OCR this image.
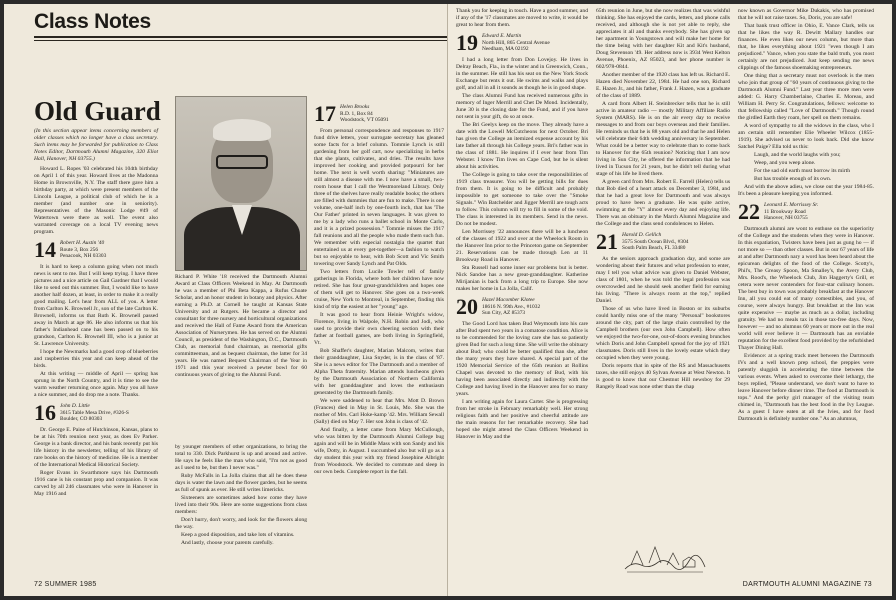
Class Notes
Old Guard
(In this section appear items concerning members of older classes which no longer have a class secretary. Such items may be forwarded for publication to Class Notes Editor, Dartmouth Alumni Magazine, 320 Eliot Hall, Hanover, NH 03755.)

Howard L. Ropes '03 celebrated his 104th birthday on April 1 of this year. Howard lives at the Madonna Home in Brownville, N.Y. The staff there gave him a birthday party, at which were present members of the Lincoln League, a political club of which he is a member (and number one in seniority). Representatives of the Masonic Lodge #49 of Watertown were there as well. The event also warranted coverage on a local TV evening news program.

14 Robert H. Austin '40
Route 3, Box 256
Penacook, NH 03303

It is hard to keep a column going when not much news is sent to me. But I will keep trying. I have three pictures and a nice article on Gail Gardner that I would like to send out this summer. But, I would like to have another half dozen, at least, in order to make it a really good mailing. Let's hear from ALL of you. A letter from Carlton K. Brownell Jr., son of the late Carlton K. Brownell, informs us that Ruth K. Brownell passed away in March at age 86. He also informs us that his father's Indianhead cane has been passed on to his grandson, Carlton K. Brownell III, who is a junior at St. Lawrence University.

I hope the Newmarks had a good crop of blueberries and raspberries this year and can keep ahead of the birds.

At this writing — middle of April — spring has sprung in the North Country, and it is time to see the warm weather returning once again. May you all have a nice summer, and do drop me a note. Thanks.

16 John D. Little
3615 Table Mesa Drive, #326-S
Boulder, CO 80303

Dr. George E. Paine of Hutchinson, Kansas, plans to be at his 70th reunion next year, as does Ev Parker. George is a bank director, and his bank recently put his life history in the newsletter, telling of his library of rare books on the history of medicine. He is a member of the International Medical Historical Society.

Roger Evans in Swarthmore says his Dartmouth 1916 cane is his constant prop and companion. It was carved by all 246 classmates who were in Hanover in May 1916 and

Richard P. White '18 received the Dartmouth Alumni Award at Class Officers Weekend in May. At Dartmouth he was a member of Phi Beta Kappa, a Rufus Choate Scholar, and an honor student in botany and physics. After earning a Ph.D. at Cornell he taught at Kansas State University and at Rutgers. He became a director and consultant for three nursery and horticultural organizations and received the Hall of Fame Award from the American Association of Nurserymen. He has served on the Alumni Council, as president of the Washington, D.C., Dartmouth Club, as memorial fund chairman, as memorial gifts committeeman, and as bequest chairman, the latter for 34 years. He was named Bequest Chairman of the Year in 1971 and this year received a pewter bowl for 60 continuous years of giving to the Alumni Fund.

by younger members of other organizations, to bring the total to 330. Dick Parkhurst is up and around and active. He says he feels like the man who said, "I'm not as good as I used to be, but then I never was."

Ruby McFalls in La Jolla claims that all he does these days is water the lawn and the flower garden, but he seems as full of spunk as ever. He still writes limericks.

Sixteeners are sometimes asked how come they have lived into their 90s. Here are some suggestions from class members:

Don't hurry, don't worry, and look for the flowers along the way.

Keep a good disposition, and take lots of vitamins.

And lastly, choose your parents carefully.

17 Helen Brooks
R.D. 1, Box 84
Woodstock, VT 05091

From personal correspondence and responses to 1917 fund drive letters, your surrogate secretary has gleaned some facts for a brief column. Tommie Lynch is still gardening from her golf cart, now specializing in herbs that she plants, cultivates, and dries. The results have improved her cooking and provided potpourri for her home. The next is well worth sharing: "Miniatures are still almost a disease with me. I now have a small, two-room house that I call the Westmoreland Library. Only three of the shelves have really readable books; the others are filled with dummies that are fun to make. There is one volume, one-half inch by one-fourth inch, that has 'The Our Father' printed in seven languages. It was given to me by a lady who runs a ballet school in Monte Carlo, and it is a prized possession." Tommie misses the 1917 fall reunions and all the people who made them such fun. We remember with especial nostalgia the quartet that entertained us at every get-together—a fashion to watch but so enjoyable to hear, with Bob Scott and Vic Smith towering over Sandy Lynch and Pat Olds.

Two letters from Lucile Towler tell of family gatherings in Florida, where both her children have now retired. She has four great-grandchildren and hopes one of them will get to Hanover. She goes on a two-week cruise, New York to Montreal, in September, finding this kind of trip the easiest at her "young" age.

It was good to hear from Heinie Wright's widow, Florence, living in Walpole, N.H. Robin and Jodi, who used to provide their own cheering section with their father at football games, are both living in Springfield, Vt.

Bob Shaffer's daughter, Marian Malcom, writes that their granddaughter, Lisa Snyder, is in the class of '87. She is a news editor for The Dartmouth and a member of Alpha Theta fraternity. Marian attends luncheons given by the Dartmouth Association of Northern California with her granddaughter and loves the enthusiasm generated by the Dartmouth family.

We were saddened to hear that Mrs. Mott D. Brown (Frances) died in May in St. Louis, Mo. She was the mother of Mrs. Carl Hoke-kamp '42. Mrs. William Sewall (Sally) died on May 7. Her son John is class of '42.

And finally, a letter came from Mary McCullough, who was bitten by the Dartmouth Alumni College bug again and will be in Middle Mass with son Sandy and his wife, Dotty, in August. I succumbed also but will go as a day student this year with my friend Josephine Albright from Woodstock. We decided to commute and sleep in our own beds. Complete report in the fall.

72 SUMMER 1985

Thank you for keeping in touch. Have a good summer, and if any of the '17 classmates are moved to write, it would be great to hear from them.

19 Edward E. Martin
North Hill, 865 Central Avenue
Needham, MA 02192

I had a long letter from Don Lovejoy. He lives in Delray Beach, Fla., in the winter and in Greenwich, Conn., in the summer. He still has his seat on the New York Stock Exchange but rents it out. He swims and walks and plays golf, and all in all it sounds as though he is in good shape.

The class Alumni Fund has received numerous gifts in memory of Inger Merrill and Chet De Mond. Incidentally, June 30 is the closing date for the Fund, and if you have not sent in your gift, do so at once.

The Bri Geelys keep on the move. They already have a date with the Lowell McCutcheons for next October. Bri has given the College an itemized expense account by his late father all through his College years. Bri's father was in the class of 1881. He inquires if I ever hear from Tim Webster. I know Tim lives on Cape Cod, but he is silent about his activities.

The College is going to take over the responsibilities of 1919 class treasurer. You will be getting bills for dues from them. It is going to be difficult and probably impossible to get someone to take over the "Smoke Signals." Win Batchelder and Jigger Merrill are tough acts to follow. This column will try to fill in some of the void. The class is interested in its members. Send in the news. Do not be modest.

Len Morrissey '22 announces there will be a luncheon of the classes of 1922 and over at the Wheelock Room in the Hanover Inn prior to the Princeton game on September 21. Reservations can be made through Len at 11 Brookway Road in Hanover.

Stu Russell had some inner ear problems but is better. Nick Sandoe has a new great-granddaughter. Katherine Mirijanian is back from a long trip to Europe. She now makes her home in La Jolla, Calif.

20 Hazel Macomber Klotee
18616 N. 99th Ave., #1032
Sun City, AZ 85373

The Good Lord has taken Bud Weymouth into his care after Bud spent two years in a comatose condition. Alice is to be commended for the loving care she has so patiently given Bud for such a long time. She will write the obituary about Bud; who could be better qualified than she, after the many years they have shared. A special part of the 1920 Memorial Service of the 65th reunion at Rollins Chapel was devoted to the memory of Bud, with his having been associated directly and indirectly with the College and having lived in the Hanover area for so many years.

I am writing again for Laura Carter. She is progressing from her stroke in February remarkably well. Her strong religious faith and her positive and cheerful attitude are the main reasons for her remarkable recovery. She had hoped she might attend the Class Officers Weekend in Hanover in May and the

65th reunion in June, but she now realizes that was wishful thinking. She has enjoyed the cards, letters, and phone calls received, and although she is not yet able to reply, she appreciates it all and thanks everybody. She has given up her apartment in Youngstown and will make her home for the time being with her daughter Kit and Kit's husband, Doug Stevenson '49. Her address now is 3934 West Kelton Avenue, Phoenix, AZ 85023, and her phone number is 602/978-0844.

Another member of the 1920 class has left us. Richard E. Hazen died November 22, 1984. He had one son, Richard E. Hazen Jr., and his father, Frank J. Hazen, was a graduate of the class of 1889.

A card from Albert H. Steinbrecker tells that he is still active in amateur radio — mostly Military Affiliate Radio System (MARS). He is on the air every day to receive messages to and from our boys overseas and their families. He reminds us that he is 88 years old and that he and Helen will celebrate their 64th wedding anniversary in September. What could be a better way to celebrate than to come back to Hanover for the 65th reunion? Noticing that I am now living in Sun City, he offered the information that he had lived in Tucson for 21 years, but he didn't tell during what stage of his life he lived there.

A green card from Mrs. Robert E. Farrell (Helen) tells us that Bob died of a heart attack on December 3, 1984, and that he had a great love for Dartmouth and was always proud to have been a graduate. He was quite active, swimming at the "Y" almost every day and enjoying life. There was an obituary in the March Alumni Magazine and the College and the class send condolences to Helen.

21 Harold D. Gellich
3575 South Ocean Blvd., #304
South Palm Beach, FL 33480

As the seniors approach graduation day, and some are wondering about their futures and what profession to enter, may I tell you what advice was given to Daniel Webster, class of 1801, when he was told the legal profession was overcrowded and he should seek another field for earning his living. "There is always room at the top," replied Daniel.

Those of us who have lived in Boston or its suburbs could hardly miss one of the many "Personal" bookstores around the city, part of the large chain controlled by the Campbell brothers (our own John Campbell). How often we enjoyed the two-for-one, out-of-doors evening brunches which Doris and John Campbell spread for the joy of 1921 classmates. Doris still lives in the lovely estate which they occupied when they were young.

Doris reports that in spite of the RS and Massachusetts taxes, she still enjoys 40 Sylvan Avenue at West Newton. It is good to know that our Chestnut Hill newsboy for 29 Rangely Road was none other than the chap

now known as Governor Mike Dukakis, who has promised that he will not raise taxes. So, Doris, you are safe!

That bank trust officer in Ohio, E. Vance Clark, tells us that he likes the way R. Dewitt Mallary handles our finances. He even likes our news column, but more than that, he likes everything about 1921 "even though I am prejudiced." Vance, when you state the bald truth, you most certainly are not prejudiced. Just keep sending me news clippings of the famous shoemaking entrepreneurs.

One thing that a secretary must not overlook is the men who join that group of "60 years of continuous giving to the Dartmouth Alumni Fund." Last year three more men were added: G. Harry Chamberlaine, Charles E. Moreau, and William H. Perry Sr. Congratulations, fellows: welcome to that fellowship called "Love of Dartmouth." Though round the girdled Earth they roam, her spell on them remains.

A word of sympathy to all the widows in the class, who I am certain still remember Elie Wheeler Wilcox (1855-1919). She advised us never to look back. Did she know Satchel Paige? Ella told us this:

Laugh, and the world laughs with you;

Weep, and you weep alone.

For the sad old earth must borrow its mirth

But has trouble enough of its own.

And with the above adieu, we close out the year 1984-85. It's been a pleasure keeping you informed.

22 Leonard E. Morrissey Sr.
11 Brookway Road
Hanover, NH 03755

Dartmouth alumni are wont to enthuse on the superiority of the College and the students when they were in Hanover. In this expatiation, Twisters have been just as gung ho — if not more so — than other classes. But in our 67 years of life at and after Dartmouth nary a word has been heard about the epicurean delights of the food of the College. Scotty's, Phil's, The Greasy Spoon, Ma Smalley's, the Avery Club, Mrs. Rood's, the Wheelock Club, Jim Haggerty's Grill, et cetera were never contenders for four-star culinary honors. The best buy in town was probably breakfast at the Hanover Inn, all you could eat of many comestibles, and you, of course, were always hungry. But breakfast at the Inn was quite expensive — maybe as much as a dollar, including gratuity. We had no meals tax in those tax-free days. Now, however — and no alumnus 60 years or more out in the real world will ever believe it — Dartmouth has an enviable reputation for the excellent food provided by the refurbished Thayer Dining Hall.

Evidence: at a spring track meet between the Dartmouth IVs and a well known prep school, the preppies were patently sluggish in accelerating the time between the various events. When asked to overcome their lethargy, the boys replied, "Please understand, we don't want to have to leave Hanover before dinner time. The food at Dartmouth is tops." And the perky girl manager of the visiting team chimed in, "Dartmouth has the best food in the Ivy League. As a guest I have eaten at all the Ivies, and for food Dartmouth is definitely number one." As an alumnus,

DARTMOUTH ALUMNI MAGAZINE 73
